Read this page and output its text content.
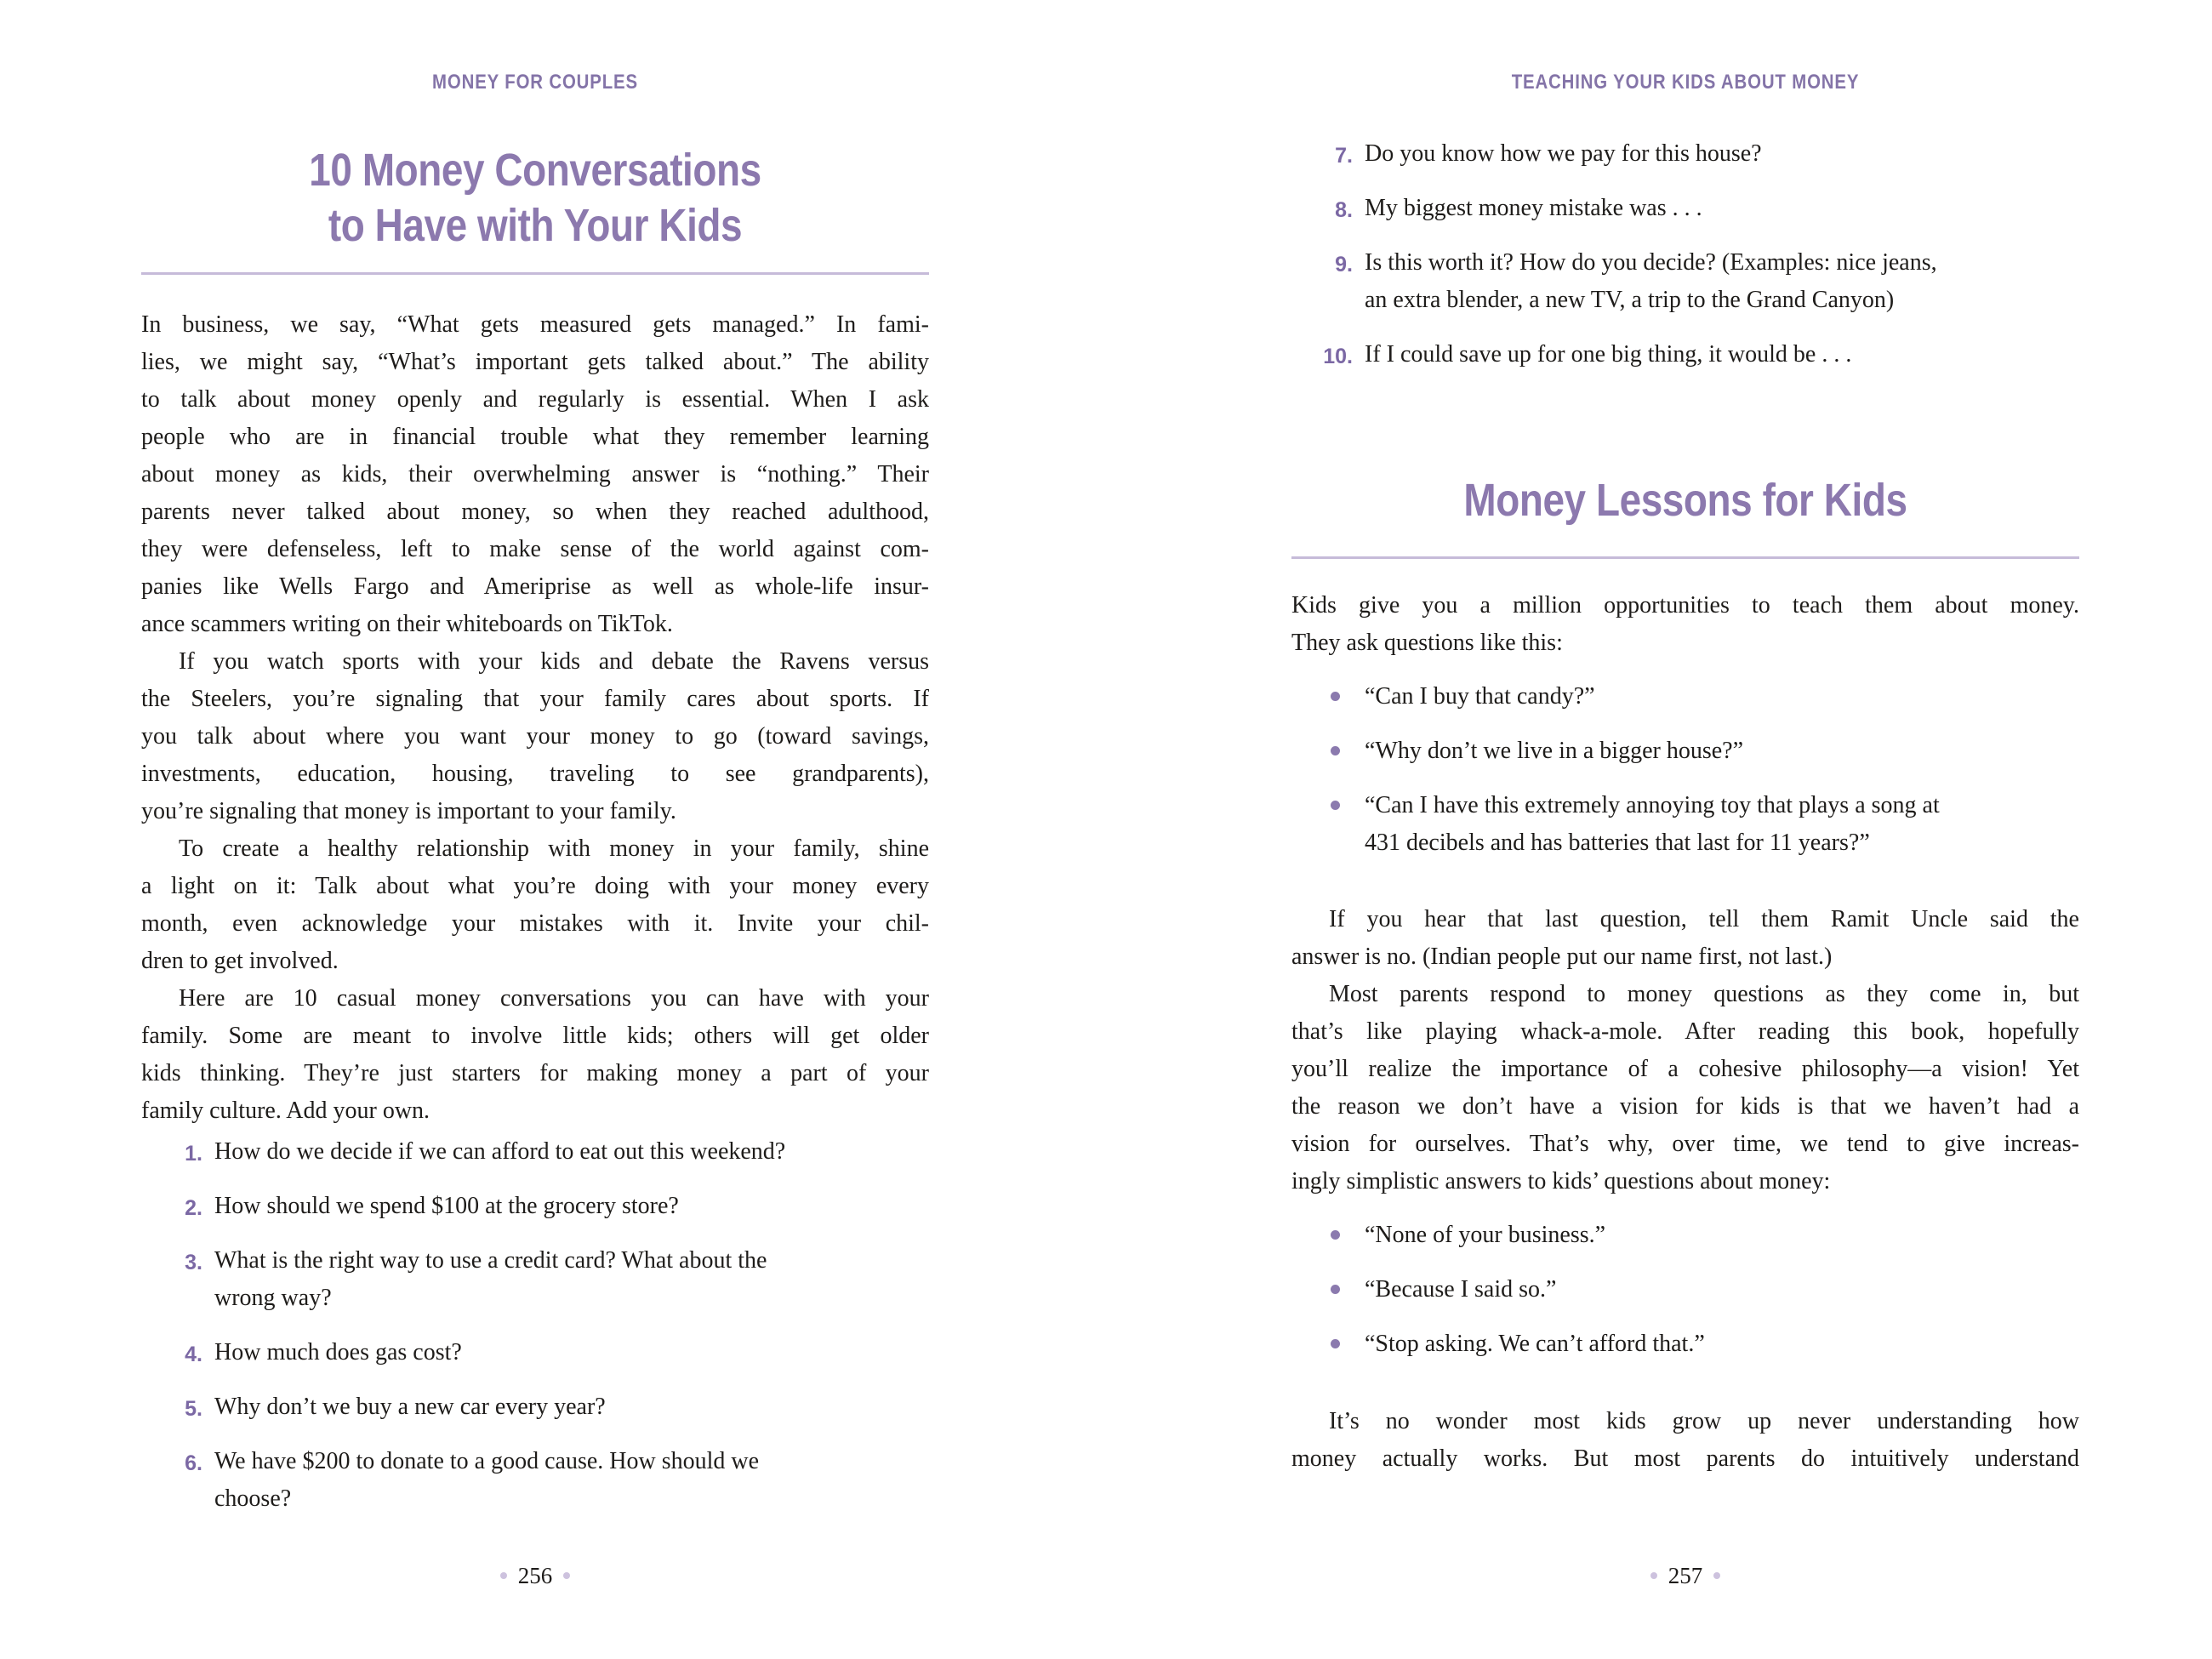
MONEY FOR COUPLES
10 Money Conversations
to Have with Your Kids
In business, we say, “What gets measured gets managed.” In fami-
lies, we might say, “What’s important gets talked about.” The ability
to talk about money openly and regularly is essential. When I ask
people who are in financial trouble what they remember learning
about money as kids, their overwhelming answer is “nothing.” Their
parents never talked about money, so when they reached adulthood,
they were defenseless, left to make sense of the world against com-
panies like Wells Fargo and Ameriprise as well as whole-life insur-
ance scammers writing on their whiteboards on TikTok.
If you watch sports with your kids and debate the Ravens versus
the Steelers, you’re signaling that your family cares about sports. If
you talk about where you want your money to go (toward savings,
investments, education, housing, traveling to see grandparents),
you’re signaling that money is important to your family.
To create a healthy relationship with money in your family, shine
a light on it: Talk about what you’re doing with your money every
month, even acknowledge your mistakes with it. Invite your chil-
dren to get involved.
Here are 10 casual money conversations you can have with your
family. Some are meant to involve little kids; others will get older
kids thinking. They’re just starters for making money a part of your
family culture. Add your own.
1. How do we decide if we can afford to eat out this weekend?
2. How should we spend $100 at the grocery store?
3. What is the right way to use a credit card? What about the
wrong way?
4. How much does gas cost?
5. Why don’t we buy a new car every year?
6. We have $200 to donate to a good cause. How should we
choose?
256
TEACHING YOUR KIDS ABOUT MONEY
7. Do you know how we pay for this house?
8. My biggest money mistake was . . .
9. Is this worth it? How do you decide? (Examples: nice jeans,
an extra blender, a new TV, a trip to the Grand Canyon)
10. If I could save up for one big thing, it would be . . .
Money Lessons for Kids
Kids give you a million opportunities to teach them about money.
They ask questions like this:
“Can I buy that candy?”
“Why don’t we live in a bigger house?”
“Can I have this extremely annoying toy that plays a song at
431 decibels and has batteries that last for 11 years?”
If you hear that last question, tell them Ramit Uncle said the
answer is no. (Indian people put our name first, not last.)
Most parents respond to money questions as they come in, but
that’s like playing whack-a-mole. After reading this book, hopefully
you’ll realize the importance of a cohesive philosophy—a vision! Yet
the reason we don’t have a vision for kids is that we haven’t had a
vision for ourselves. That’s why, over time, we tend to give increas-
ingly simplistic answers to kids’ questions about money:
“None of your business.”
“Because I said so.”
“Stop asking. We can’t afford that.”
It’s no wonder most kids grow up never understanding how
money actually works. But most parents do intuitively understand
257
